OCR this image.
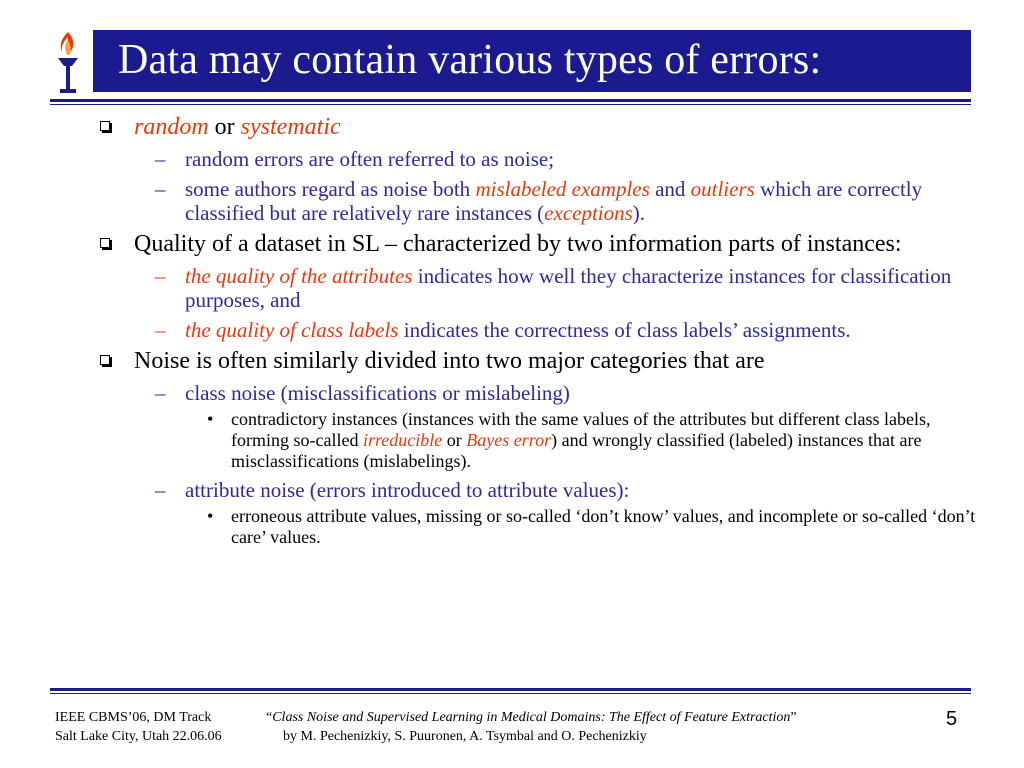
Data may contain various types of errors:
random or systematic
– random errors are often referred to as noise;
– some authors regard as noise both mislabeled examples and outliers which are correctly classified but are relatively rare instances (exceptions).
Quality of a dataset in SL – characterized by two information parts of instances:
– the quality of the attributes indicates how well they characterize instances for classification purposes, and
– the quality of class labels indicates the correctness of class labels’ assignments.
Noise is often similarly divided into two major categories that are
– class noise (misclassifications or mislabeling)
• contradictory instances (instances with the same values of the attributes but different class labels, forming so-called irreducible or Bayes error) and wrongly classified (labeled) instances that are misclassifications (mislabelings).
– attribute noise (errors introduced to attribute values):
• erroneous attribute values, missing or so-called ‘don’t know’ values, and incomplete or so-called ‘don’t care’ values.
IEEE CBMS’06, DM Track
Salt Lake City, Utah 22.06.06
“Class Noise and Supervised Learning in Medical Domains: The Effect of Feature Extraction”
by M. Pechenizkiy, S. Puuronen, A. Tsymbal and O. Pechenizkiy
5
